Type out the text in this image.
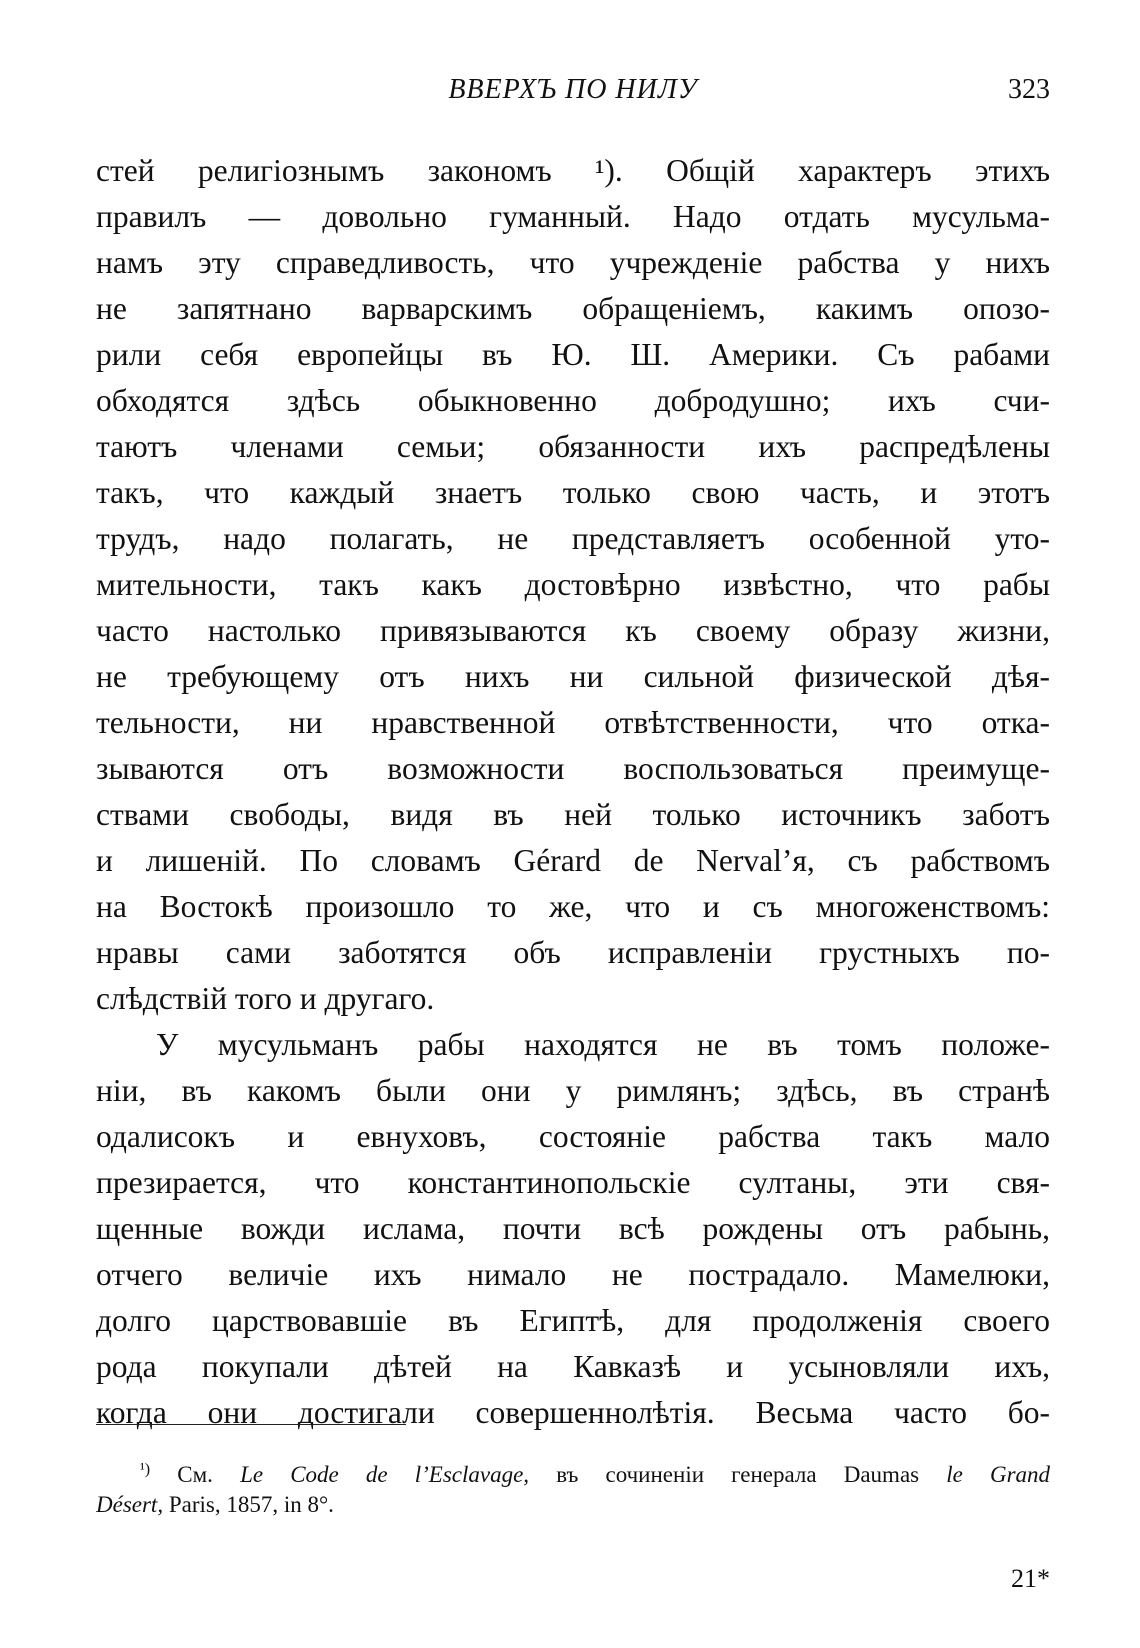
ВВЕРХЪ ПО НИЛУ	323
стей религіознымъ закономъ ¹). Общій характеръ этихъ
правилъ — довольно гуманный. Надо отдать мусульма-
намъ эту справедливость, что учрежденіе рабства у нихъ
не запятнано варварскимъ обращеніемъ, какимъ опозо-
рили себя европейцы въ Ю. Ш. Америки. Съ рабами
обходятся здѣсь обыкновенно добродушно; ихъ счи-
таютъ членами семьи; обязанности ихъ распредѣлены
такъ, что каждый знаетъ только свою часть, и этотъ
трудъ, надо полагать, не представляетъ особенной уто-
мительности, такъ какъ достовѣрно извѣстно, что рабы
часто настолько привязываются къ своему образу жизни,
не требующему отъ нихъ ни сильной физической дѣя-
тельности, ни нравственной отвѣтственности, что отка-
зываются отъ возможности воспользоваться преимуще-
ствами свободы, видя въ ней только источникъ заботъ
и лишеній. По словамъ Gérard de Nerval’я, съ рабствомъ
на Востокѣ произошло то же, что и съ многоженствомъ:
нравы сами заботятся объ исправленіи грустныхъ по-
слѣдствій того и другаго.
У мусульманъ рабы находятся не въ томъ положе-
ніи, въ какомъ были они у римлянъ; здѣсь, въ странѣ
одалисокъ и евнуховъ, состояніе рабства такъ мало
презирается, что константинопольскіе султаны, эти свя-
щенные вожди ислама, почти всѣ рождены отъ рабынь,
отчего величіе ихъ нимало не пострадало. Мамелюки,
долго царствовавшіе въ Египтѣ, для продолженія своего
рода покупали дѣтей на Кавказѣ и усыновляли ихъ,
когда они достигали совершеннолѣтія. Весьма часто бо-
$^{^1)}$ См. Le Code de l’Esclavage, въ сочиненіи генерала Daumas le Grand
Désert, Paris, 1857, in 8°.
21*
